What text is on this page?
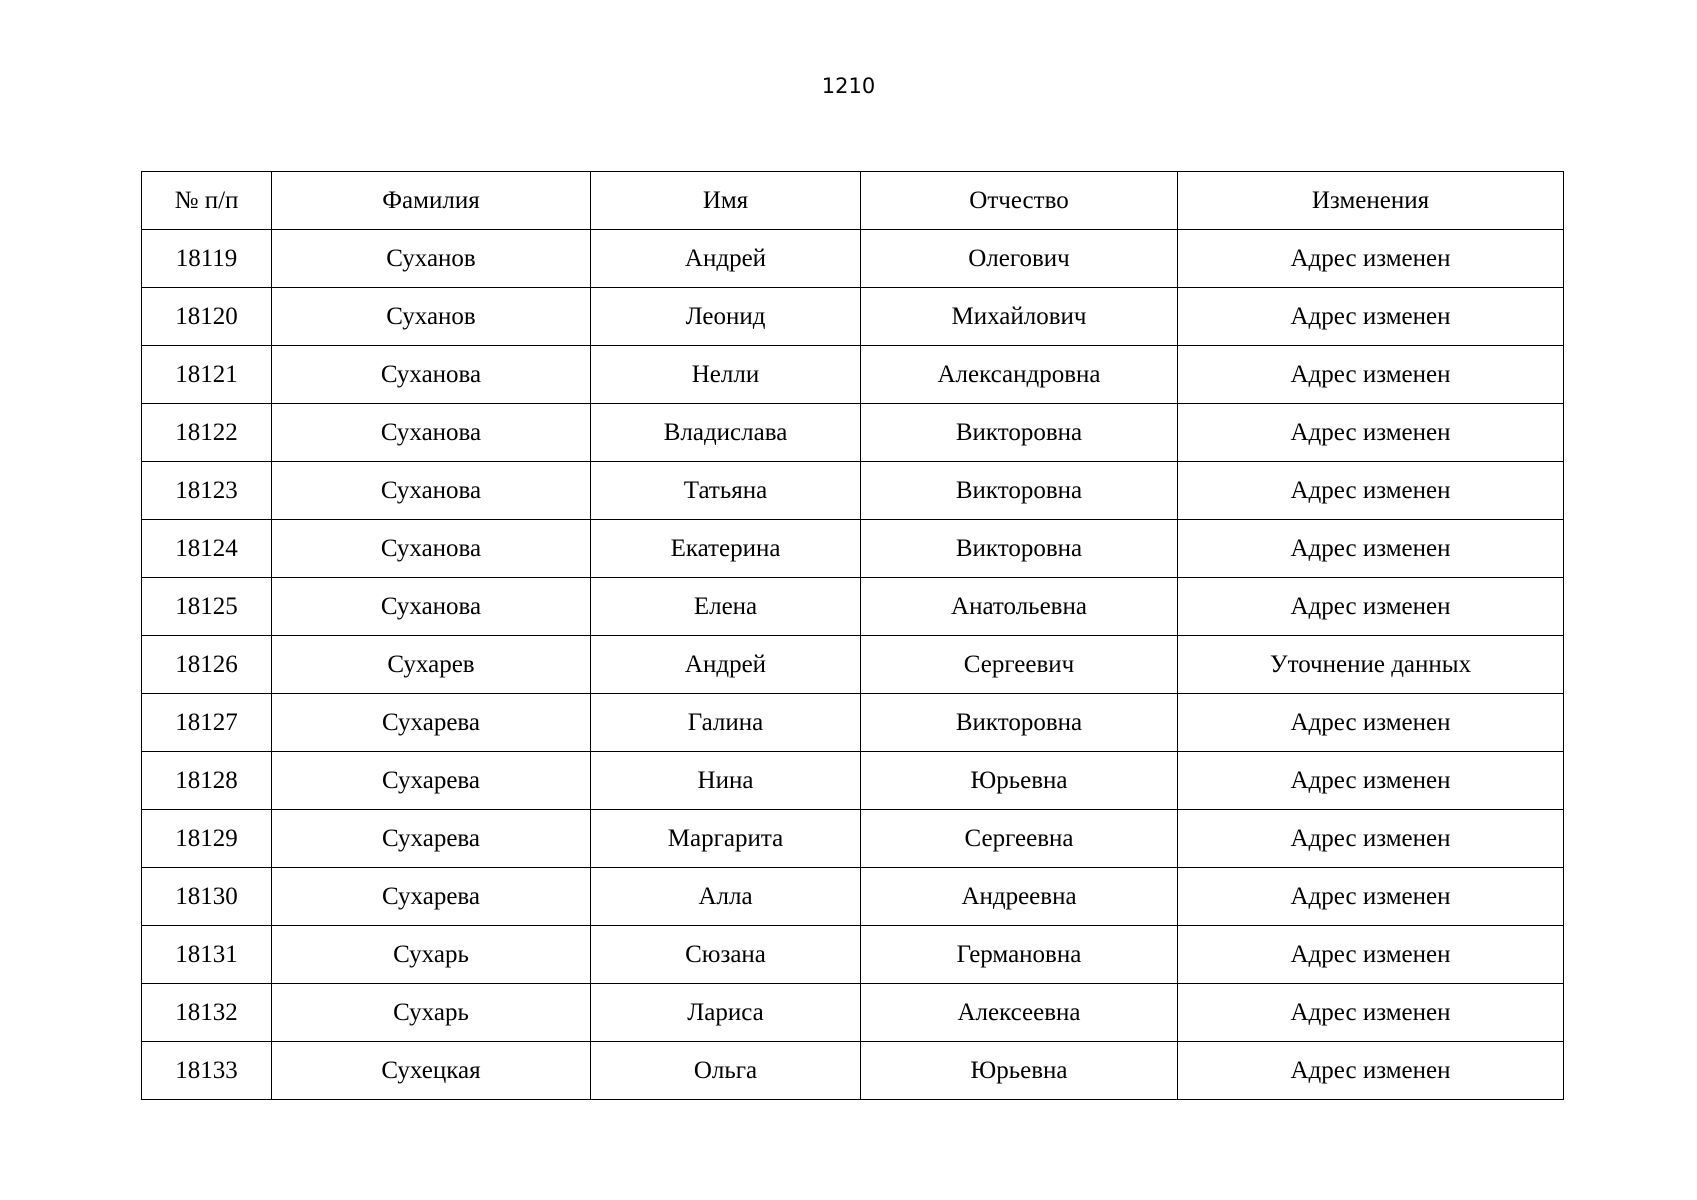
1210
№ п/п	Фамилия	Имя	Отчество	Изменения
18119	Суханов	Андрей	Олегович	Адрес изменен
18120	Суханов	Леонид	Михайлович	Адрес изменен
18121	Суханова	Нелли	Александровна	Адрес изменен
18122	Суханова	Владислава	Викторовна	Адрес изменен
18123	Суханова	Татьяна	Викторовна	Адрес изменен
18124	Суханова	Екатерина	Викторовна	Адрес изменен
18125	Суханова	Елена	Анатольевна	Адрес изменен
18126	Сухарев	Андрей	Сергеевич	Уточнение данных
18127	Сухарева	Галина	Викторовна	Адрес изменен
18128	Сухарева	Нина	Юрьевна	Адрес изменен
18129	Сухарева	Маргарита	Сергеевна	Адрес изменен
18130	Сухарева	Алла	Андреевна	Адрес изменен
18131	Сухарь	Сюзана	Германовна	Адрес изменен
18132	Сухарь	Лариса	Алексеевна	Адрес изменен
18133	Сухецкая	Ольга	Юрьевна	Адрес изменен
